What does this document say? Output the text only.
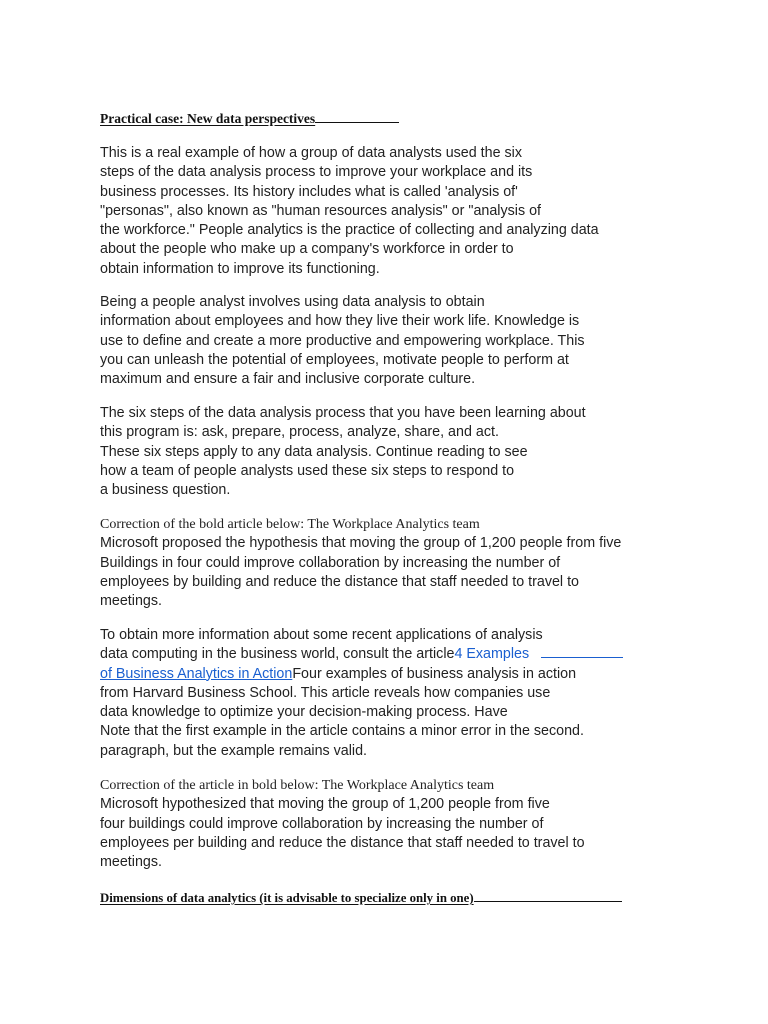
Practical case: New data perspectives
This is a real example of how a group of data analysts used the six
steps of the data analysis process to improve your workplace and its
business processes. Its history includes what is called 'analysis of'
"personas", also known as "human resources analysis" or "analysis of
the workforce." People analytics is the practice of collecting and analyzing data
about the people who make up a company's workforce in order to
obtain information to improve its functioning.
Being a people analyst involves using data analysis to obtain
information about employees and how they live their work life. Knowledge is
use to define and create a more productive and empowering workplace. This
you can unleash the potential of employees, motivate people to perform at
maximum and ensure a fair and inclusive corporate culture.
The six steps of the data analysis process that you have been learning about
this program is: ask, prepare, process, analyze, share, and act.
These six steps apply to any data analysis. Continue reading to see
how a team of people analysts used these six steps to respond to
a business question.
Correction of the bold article below: The Workplace Analytics team
Microsoft proposed the hypothesis that moving the group of 1,200 people from five
Buildings in four could improve collaboration by increasing the number of
employees by building and reduce the distance that staff needed to travel to
meetings.
To obtain more information about some recent applications of analysis
data computing in the business world, consult the article4 Examples
of Business Analytics in ActionFour examples of business analysis in action
from Harvard Business School. This article reveals how companies use
data knowledge to optimize your decision-making process. Have
Note that the first example in the article contains a minor error in the second.
paragraph, but the example remains valid.
Correction of the article in bold below: The Workplace Analytics team
Microsoft hypothesized that moving the group of 1,200 people from five
four buildings could improve collaboration by increasing the number of
employees per building and reduce the distance that staff needed to travel to
meetings.
Dimensions of data analytics (it is advisable to specialize only in one)
